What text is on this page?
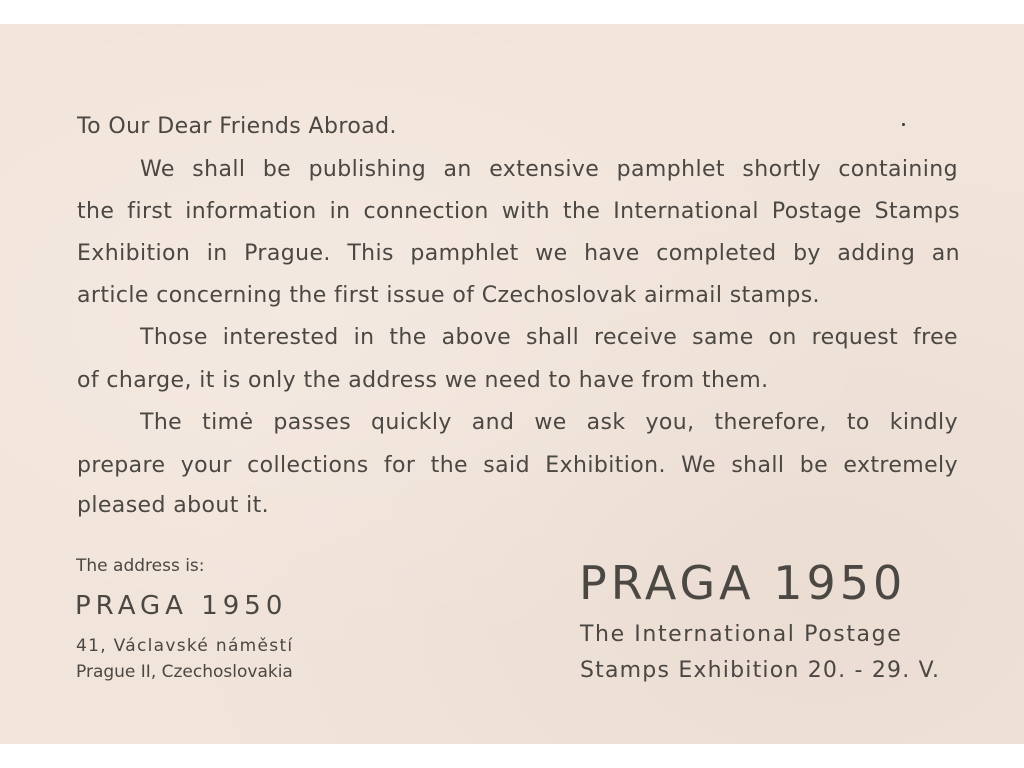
To Our Dear Friends Abroad.
We shall be publishing an extensive pamphlet shortly containing
the first information in connection with the International Postage Stamps
Exhibition in Prague. This pamphlet we have completed by adding an
article concerning the first issue of Czechoslovak airmail stamps.
Those interested in the above shall receive same on request free
of charge, it is only the address we need to have from them.
The timė passes quickly and we ask you, therefore, to kindly
prepare your collections for the said Exhibition. We shall be extremely
pleased about it.
The address is:
PRAGA 1950
41, Václavské náměstí
Prague II, Czechoslovakia
PRAGA 1950
The International Postage
Stamps Exhibition 20. - 29. V.
